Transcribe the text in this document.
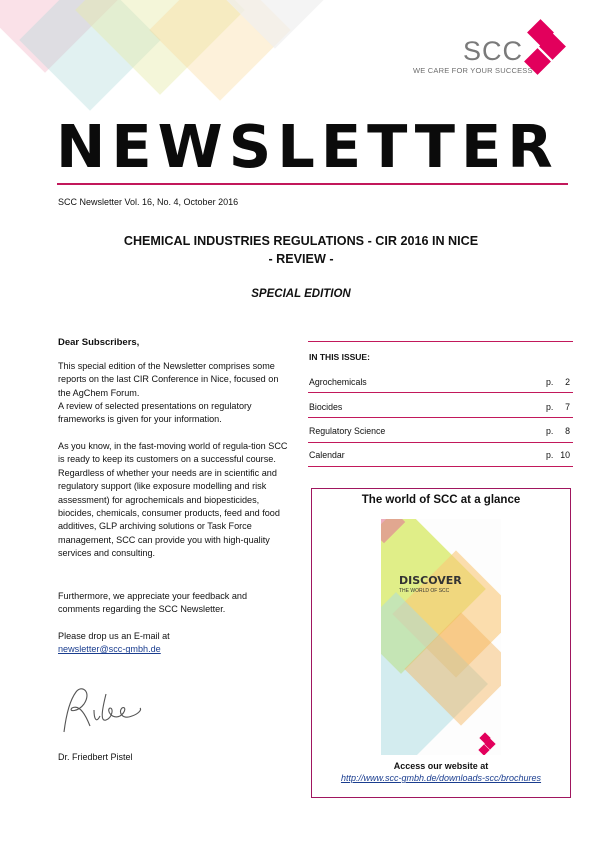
SCC
WE CARE FOR YOUR SUCCESS
NEWSLETTER
SCC Newsletter Vol. 16, No. 4, October 2016
CHEMICAL INDUSTRIES REGULATIONS - CIR 2016 IN NICE
- REVIEW -
SPECIAL EDITION
Dear Subscribers,
This special edition of the Newsletter comprises some reports on the last CIR Conference in Nice, focused on the AgChem Forum.
A review of selected presentations on regulatory frameworks is given for your information.
As you know, in the fast-moving world of regula-tion SCC is ready to keep its customers on a successful course. Regardless of whether your needs are in scientific and regulatory support (like exposure modelling and risk assessment) for agrochemicals and biopesticides, biocides, chemicals, consumer products, feed and food additives, GLP archiving solutions or Task Force management, SCC can provide you with high-quality services and consulting.
Furthermore, we appreciate your feedback and comments regarding the SCC Newsletter.
Please drop us an E-mail at
newsletter@scc-gmbh.de
Dr. Friedbert Pistel
IN THIS ISSUE:
Agrochemicals	p. 2
Biocides	p. 7
Regulatory Science	p. 8
Calendar	p. 10
The world of SCC at a glance
DISCOVER
THE WORLD OF SCC
Access our website at
http://www.scc-gmbh.de/downloads-scc/brochures
